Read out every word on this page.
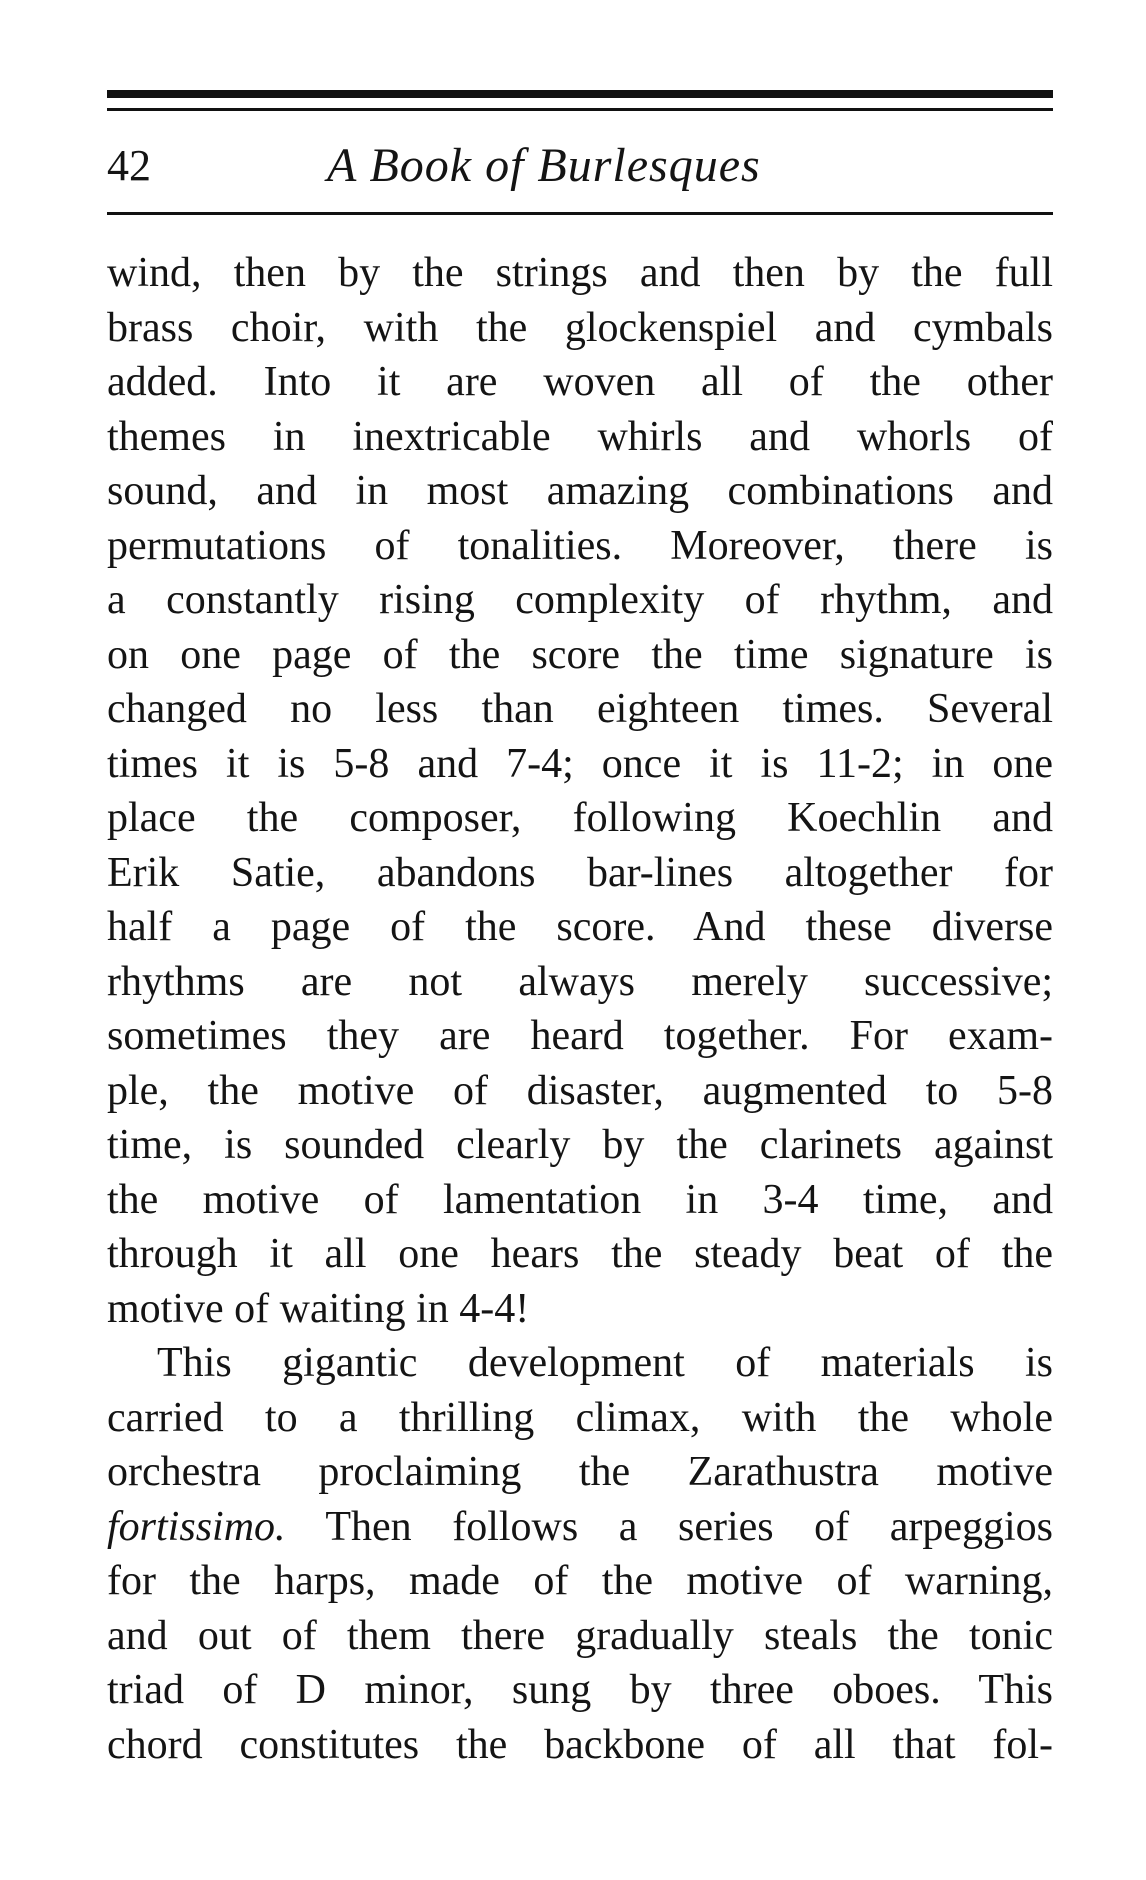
42	A Book of Burlesques
wind, then by the strings and then by the full
brass choir, with the glockenspiel and cymbals
added. Into it are woven all of the other
themes in inextricable whirls and whorls of
sound, and in most amazing combinations and
permutations of tonalities. Moreover, there is
a constantly rising complexity of rhythm, and
on one page of the score the time signature is
changed no less than eighteen times. Several
times it is 5-8 and 7-4; once it is 11-2; in one
place the composer, following Koechlin and
Erik Satie, abandons bar-lines altogether for
half a page of the score. And these diverse
rhythms are not always merely successive;
sometimes they are heard together. For exam-
ple, the motive of disaster, augmented to 5-8
time, is sounded clearly by the clarinets against
the motive of lamentation in 3-4 time, and
through it all one hears the steady beat of the
motive of waiting in 4-4!
This gigantic development of materials is
carried to a thrilling climax, with the whole
orchestra proclaiming the Zarathustra motive
fortissimo. Then follows a series of arpeggios
for the harps, made of the motive of warning,
and out of them there gradually steals the tonic
triad of D minor, sung by three oboes. This
chord constitutes the backbone of all that fol-
